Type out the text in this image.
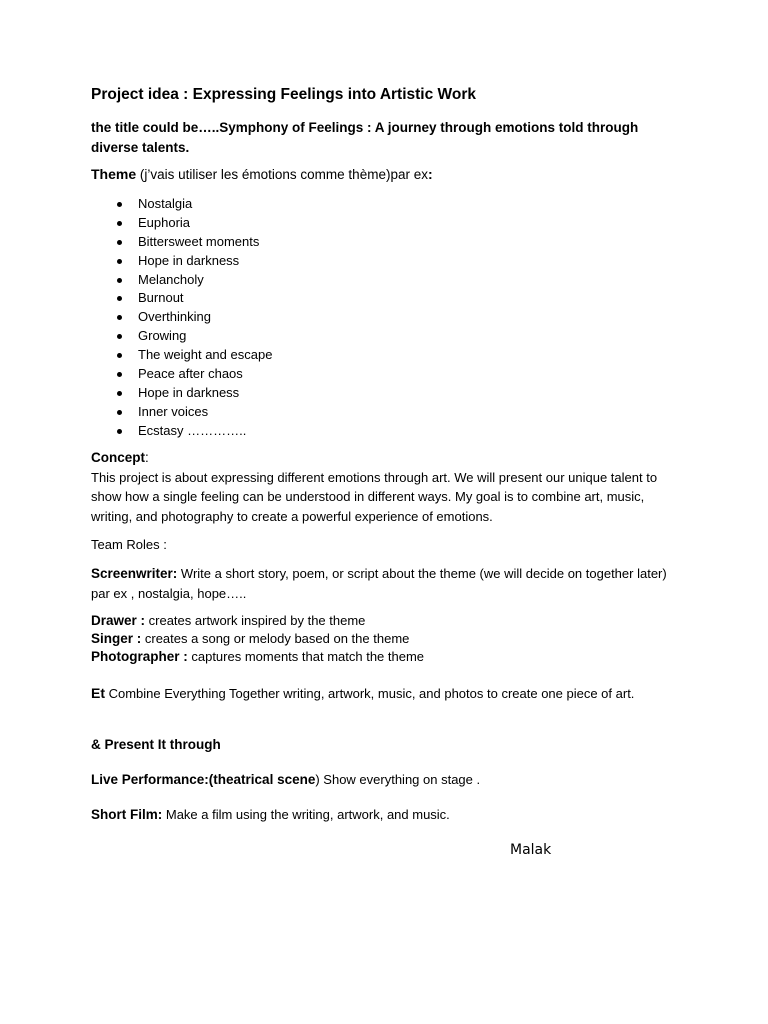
Project idea : Expressing Feelings into Artistic Work
the title could be…..Symphony of Feelings : A journey through emotions told through diverse talents.
Theme (j’vais utiliser les émotions comme thème)par ex:
Nostalgia
Euphoria
Bittersweet moments
Hope in darkness
Melancholy
Burnout
Overthinking
Growing
The weight and escape
Peace after chaos
Hope in darkness
Inner voices
Ecstasy …………..
Concept:
This project is about expressing different emotions through art. We will present our unique talent to show how a single feeling can be understood in different ways. My goal is to combine art, music, writing, and photography to create a powerful experience of emotions.
Team Roles :
Screenwriter: Write a short story, poem, or script about the theme (we will decide on together later) par ex , nostalgia, hope…..
Drawer : creates artwork inspired by the theme
Singer : creates a song or melody based on the theme
Photographer : captures moments that match the theme
Et Combine Everything Together writing, artwork, music, and photos to create one piece of art.
& Present It through
Live Performance:(theatrical scene) Show everything on stage .
Short Film: Make a film using the writing, artwork, and music.
Malak
